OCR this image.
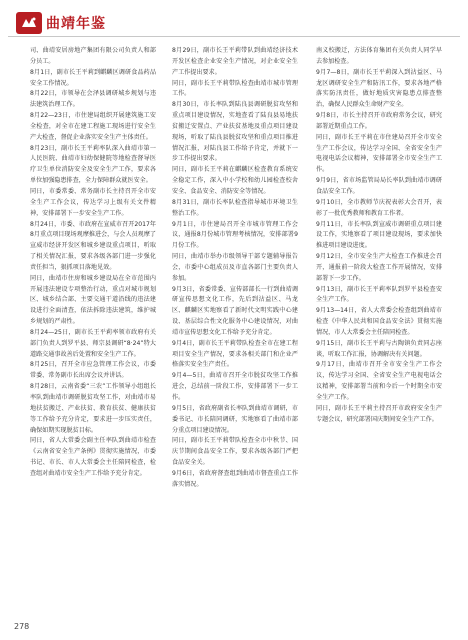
曲靖年鉴

司、曲靖安居房地产集团有限公司负责人和部分员工。

8月1日，副市长王平莉到麒麟区调研食品药品安全工作情况。

8月22日，市领导在会泽县调研城乡规划与违法建筑治理工作。

8月22—23日，市住建局组织开展建筑施工安全检查，对全市在建工程施工现场进行安全生产大检查，督促企业落实安全生产主体责任。

8月23日，副市长王平莉率队深入曲靖市第一人民医院、曲靖市妇幼保健院等地检查督导医疗卫生单位消防安全及安全生产工作，要求各单位加强隐患排查，全力保障群众就医安全。

同日，市委常委、常务副市长主持召开全市安全生产工作会议，传达学习上级有关文件精神，安排部署下一步安全生产工作。

8月24日，市委、市政府在宣威市召开2017年8月重点项目现场观摩推进会，与会人员观摩了宣威市经济开发区和城乡建设重点项目，听取了相关情况汇报，要求各级各部门进一步强化责任担当，狠抓项目落地见效。

同日，曲靖市住房和城乡建设局在全市范围内开展违法建设专项整治行动，重点对城市规划区、城乡结合部、主要交通干道沿线的违法建设进行全面清查，依法拆除违法建筑，维护城乡规划的严肃性。

8月24—25日，副市长王平莉率领市政府有关部门负责人到罗平县、师宗县调研“8·24”特大道路交通事故善后处置和安全生产工作。

8月25日，召开全市应急管理工作会议，市委常委、常务副市长出席会议并讲话。

8月28日，云南省委“三农”工作领导小组组长率队到曲靖市调研脱贫攻坚工作，对曲靖市易地扶贫搬迁、产业扶贫、教育扶贫、健康扶贫等工作给予充分肯定，要求进一步压实责任，确保如期实现脱贫目标。

同日，省人大常委会副主任率队到曲靖市检查《云南省安全生产条例》贯彻实施情况，市委书记、市长、市人大常委会主任陪同检查，检查组对曲靖市安全生产工作给予充分肯定。

8月29日，副市长王平莉带队到曲靖经济技术开发区检查企业安全生产情况，对企业安全生产工作提出要求。

同日，副市长王平莉带队检查曲靖市城市管理工作。

8月30日，市长率队到陆良县调研脱贫攻坚和重点项目建设情况，实地查看了陆良县易地扶贫搬迁安置点、产业扶贫基地及重点项目建设现场，听取了陆良县脱贫攻坚和重点项目推进情况汇报，对陆良县工作给予肯定，并就下一步工作提出要求。

同日，副市长王平莉在麒麟区检查教育系统安全稳定工作，深入中小学校和幼儿园检查校舍安全、食品安全、消防安全等情况。

8月31日，副市长率队检查指导城市环境卫生整治工作。

9月1日，市住建局召开全市城市管理工作会议，通报8月份城市管理考核情况，安排部署9月份工作。

同日，曲靖市举办市级领导干部专题辅导报告会，市委中心组成员及市直各部门主要负责人参加。

9月3日，省委常委、宣传部部长一行到曲靖调研宣传思想文化工作，先后到沾益区、马龙区、麒麟区实地察看了新时代文明实践中心建设、基层综合性文化服务中心建设情况，对曲靖市宣传思想文化工作给予充分肯定。

9月4日，副市长王平莉带队检查全市在建工程项目安全生产情况，要求各相关部门和企业严格落实安全生产责任。

9月4—5日，曲靖市召开全市脱贫攻坚工作推进会，总结前一阶段工作，安排部署下一步工作。

9月5日，省政府副省长率队到曲靖市调研，市委书记、市长陪同调研，实地察看了曲靖市部分重点项目建设情况。

同日，副市长王平莉带队检查全市中秋节、国庆节期间食品安全工作，要求各级各部门严把食品安全关。

9月6日，省政府督查组到曲靖市督查重点工作落实情况。

南义校搬迁，方法体育集团有关负责人同学早去参加检查。

9月7—8日，副市长王平莉深入到沾益区、马龙区调研安全生产和防汛工作，要求各地严格落实防汛责任，做好地质灾害隐患点排查整治，确保人民群众生命财产安全。

9月8日，市长主持召开市政府常务会议，研究部署近期重点工作。

同日，副市长王平莉在市住建局召开全市安全生产工作会议，传达学习全国、全省安全生产电视电话会议精神，安排部署全市安全生产工作。

9月9日，省市场监管局局长率队到曲靖市调研食品安全工作。

9月10日，全市教师节庆祝表彰大会召开，表彰了一批优秀教师和教育工作者。

9月11日，市长率队到宣威市调研重点项目建设工作，实地察看了项目建设现场，要求加快推进项目建设进度。

9月12日，全市安全生产大检查工作推进会召开，通报前一阶段大检查工作开展情况，安排部署下一步工作。

9月13日，副市长王平莉率队到罗平县检查安全生产工作。

9月13—14日，省人大常委会检查组到曲靖市检查《中华人民共和国食品安全法》贯彻实施情况，市人大常委会主任陪同检查。

9月15日，副市长王平莉与古陶镇负责同志座谈，听取工作汇报，协调解决有关问题。

9月17日，曲靖市召开全市安全生产工作会议，传达学习全国、全省安全生产电视电话会议精神，安排部署当前和今后一个时期全市安全生产工作。

同日，副市长王平莉主持召开市政府安全生产专题会议，研究部署国庆期间安全生产工作。

278
